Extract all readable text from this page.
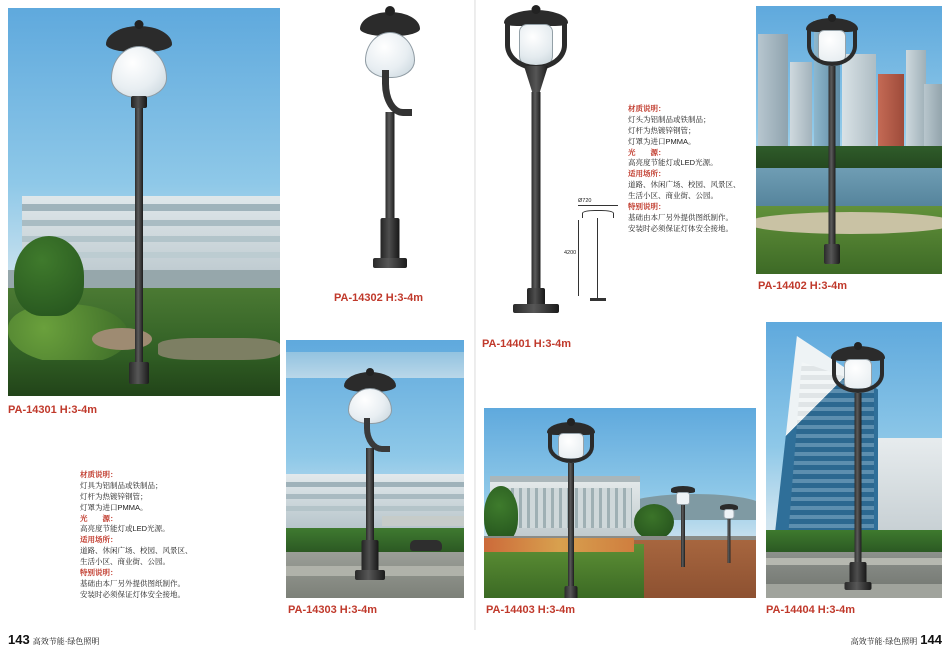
PA-14301 H:3-4m
材质说明：
灯具为铝制品或铁制品；
灯杆为热镀锌钢管；
灯罩为进口PMMA。
光　　源：
高亮度节能灯或LED光源。
适用场所：
道路、休闲广场、校园、风景区、
生活小区、商业街、公园。
特别说明：
基础由本厂另外提供图纸制作。
安装时必须保证灯体安全接地。
PA-14302 H:3-4m
PA-14401 H:3-4m
Ø720
4200
材质说明：
灯头为铝制品或铁制品；
灯杆为热镀锌钢管；
灯罩为进口PMMA。
光　　源：
高亮度节能灯或LED光源。
适用场所：
道路、休闲广场、校园、风景区、
生活小区、商业街、公园。
特别说明：
基础由本厂另外提供图纸制作。
安装时必须保证灯体安全接地。
PA-14402 H:3-4m
PA-14303 H:3-4m	PA-14403 H:3-4m	PA-14404 H:3-4m
143 高效节能·绿色照明	高效节能·绿色照明 144
